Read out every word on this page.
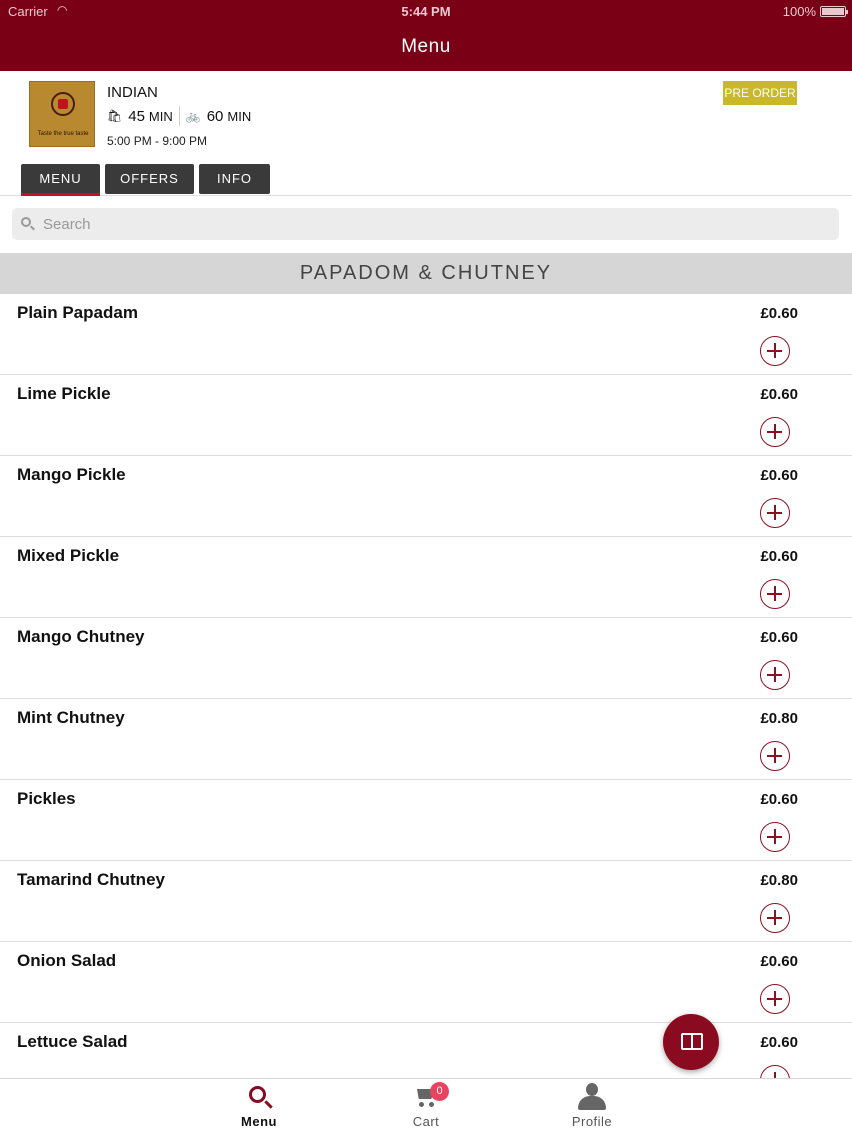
Carrier ◠	5:44 PM	100%
Menu
Taste the true taste
INDIAN
🛍 45 MIN 🚲 60 MIN
5:00 PM - 9:00 PM
PRE ORDER
MENU	OFFERS	INFO
Search
PAPADOM & CHUTNEY
Plain Papadam	£0.60
Lime Pickle	£0.60
Mango Pickle	£0.60
Mixed Pickle	£0.60
Mango Chutney	£0.60
Mint Chutney	£0.80
Pickles	£0.60
Tamarind Chutney	£0.80
Onion Salad	£0.60
Lettuce Salad	£0.60
Menu
0
Cart	Profile
